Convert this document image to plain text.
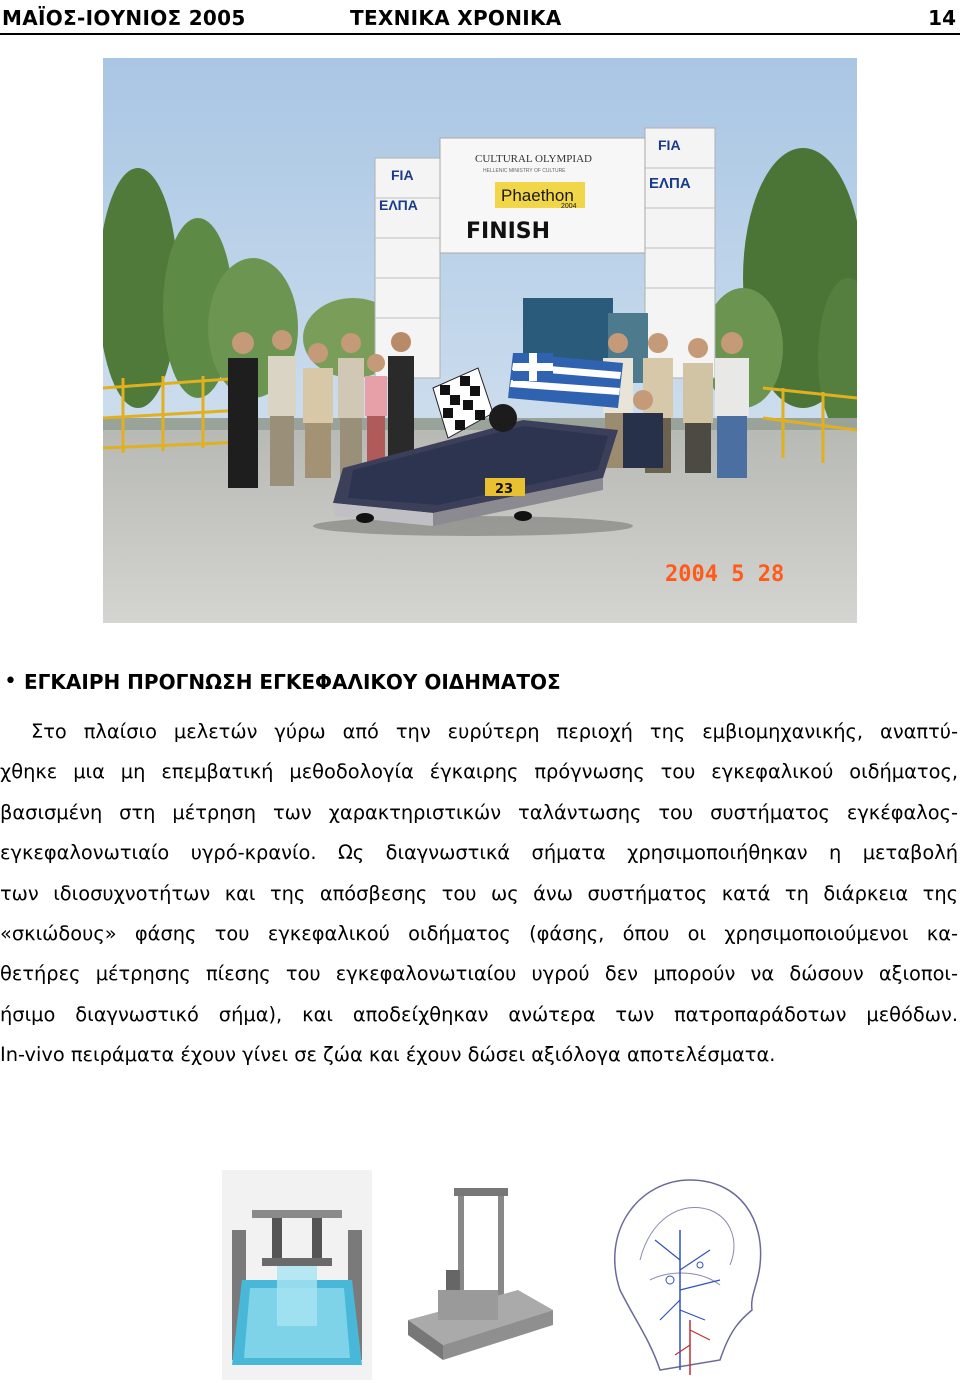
ΜΑΪΟΣ-ΙΟΥΝΙΟΣ 2005	ΤΕΧΝΙΚΑ ΧΡΟΝΙΚΑ	14
FIA
ΕΛΠΑ
FIA
ΕΛΠΑ
CULTURAL OLYMPIAD
HELLENIC MINISTRY OF CULTURE
Phaethon
2004
FINISH
23
2004 5 28
• ΕΓΚΑΙΡΗ ΠΡΟΓΝΩΣΗ ΕΓΚΕΦΑΛΙΚΟΥ ΟΙΔΗΜΑΤΟΣ
Στο πλαίσιο μελετών γύρω από την ευρύτερη περιοχή της εμβιομηχανικής, αναπτύ-
χθηκε μια μη επεμβατική μεθοδολογία έγκαιρης πρόγνωσης του εγκεφαλικού οιδήματος,
βασισμένη στη μέτρηση των χαρακτηριστικών ταλάντωσης του συστήματος εγκέφαλος-
εγκεφαλονωτιαίο υγρό-κρανίο. Ως διαγνωστικά σήματα χρησιμοποιήθηκαν η μεταβολή
των ιδιοσυχνοτήτων και της απόσβεσης του ως άνω συστήματος κατά τη διάρκεια της
«σκιώδους» φάσης του εγκεφαλικού οιδήματος (φάσης, όπου οι χρησιμοποιούμενοι κα-
θετήρες μέτρησης πίεσης του εγκεφαλονωτιαίου υγρού δεν μπορούν να δώσουν αξιοποι-
ήσιμο διαγνωστικό σήμα), και αποδείχθηκαν ανώτερα των πατροπαράδοτων μεθόδων.
In-vivo πειράματα έχουν γίνει σε ζώα και έχουν δώσει αξιόλογα αποτελέσματα.
